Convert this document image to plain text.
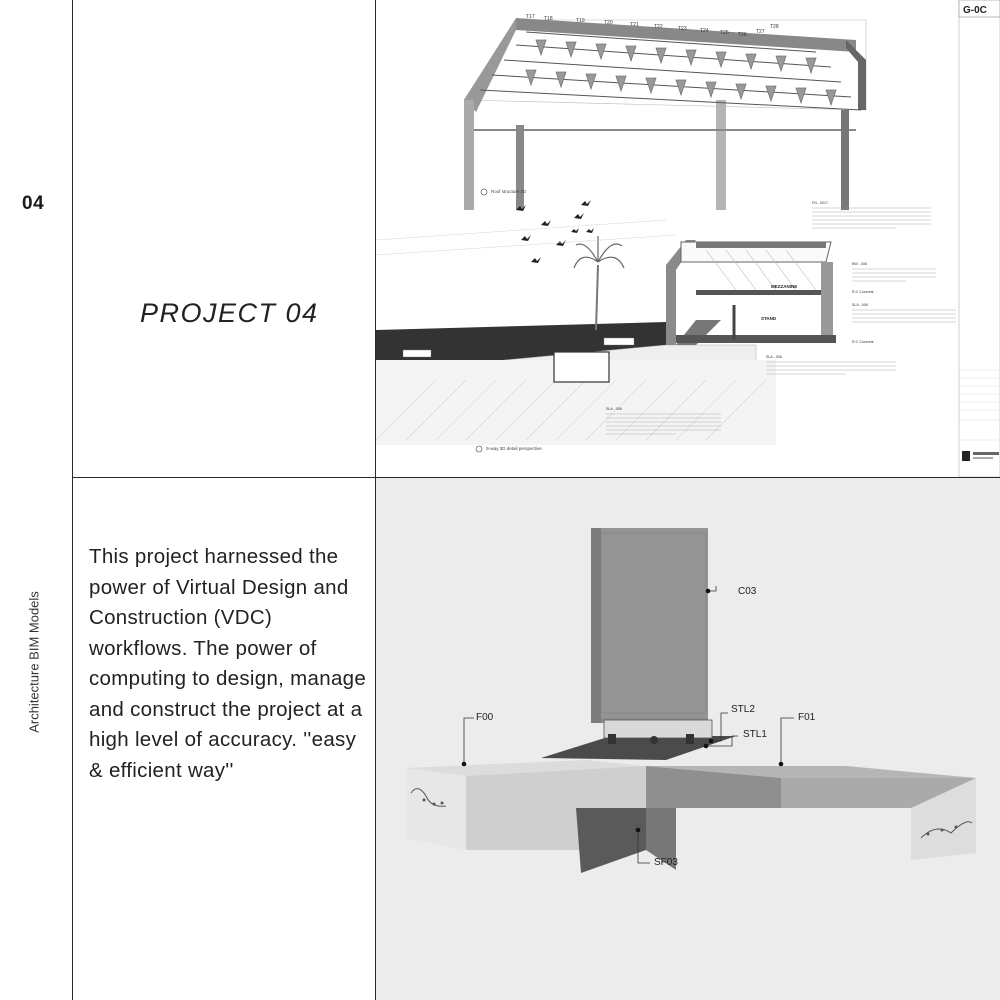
04
Architecture BIM Models
PROJECT 04
This project harnessed the power of Virtual Design and Construction (VDC) workflows. The power of computing to design, manage and construct the project at a high level of accuracy. ''easy & efficient way''
T17 T18	T19	T20	T21	T22	T23	T24 T25 T26 T27
T28
MEZZANINE
STAND
Roof structure 3D
S-way 3D detail perspective
FN - 0017
BW - 006
R.C Concrete
SLA - 006
R.C Concrete
SLA - 006
FN - 0001
SLA - 007
SLA - 006
G-0C
C03
STL2
STL1
F00	F01
SF03
